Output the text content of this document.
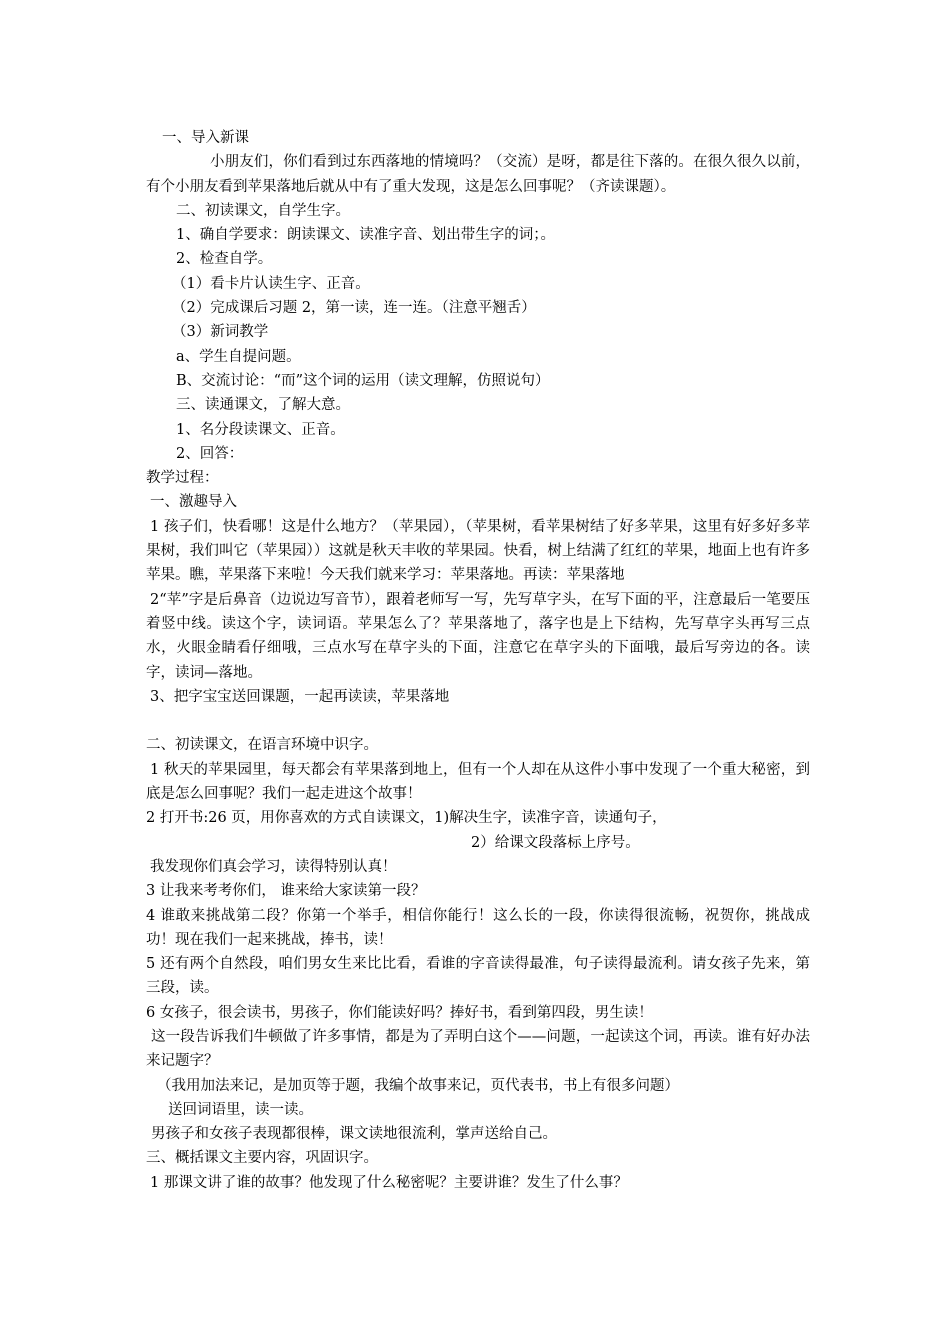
一、导入新课
小朋友们，你们看到过东西落地的情境吗？（交流）是呀，都是往下落的。在很久很久以前，有个小朋友看到苹果落地后就从中有了重大发现，这是怎么回事呢？（齐读课题）。
二、初读课文，自学生字。
1、确自学要求：朗读课文、读准字音、划出带生字的词；。
2、检查自学。
（1）看卡片认读生字、正音。
（2）完成课后习题 2，第一读，连一连。（注意平翘舌）
（3）新词教学
a、学生自提问题。
B、交流讨论：“而”这个词的运用（读文理解，仿照说句）
三、读通课文，了解大意。
1、名分段读课文、正音。
2、回答：
教学过程：
一、激趣导入
1 孩子们，快看哪！这是什么地方？（苹果园），（苹果树，看苹果树结了好多苹果，这里有好多好多苹果树，我们叫它（苹果园））这就是秋天丰收的苹果园。快看，树上结满了红红的苹果，地面上也有许多苹果。瞧，苹果落下来啦！今天我们就来学习：苹果落地。再读：苹果落地
2“苹”字是后鼻音（边说边写音节），跟着老师写一写，先写草字头，在写下面的平，注意最后一笔要压着竖中线。读这个字，读词语。苹果怎么了？苹果落地了，落字也是上下结构，先写草字头再写三点水，火眼金睛看仔细哦，三点水写在草字头的下面，注意它在草字头的下面哦，最后写旁边的各。读字，读词—落地。
3、把字宝宝送回课题，一起再读读，苹果落地
二、初读课文，在语言环境中识字。
1 秋天的苹果园里，每天都会有苹果落到地上，但有一个人却在从这件小事中发现了一个重大秘密，到底是怎么回事呢？我们一起走进这个故事！
2 打开书:26 页，用你喜欢的方式自读课文，1)解决生字，读准字音，读通句子，
2）给课文段落标上序号。
我发现你们真会学习，读得特别认真！
3 让我来考考你们， 谁来给大家读第一段？
4 谁敢来挑战第二段？你第一个举手，相信你能行！这么长的一段，你读得很流畅，祝贺你，挑战成功！现在我们一起来挑战，捧书，读！
5 还有两个自然段，咱们男女生来比比看，看谁的字音读得最准，句子读得最流利。请女孩子先来，第三段，读。
6 女孩子，很会读书，男孩子，你们能读好吗？捧好书，看到第四段，男生读！
这一段告诉我们牛顿做了许多事情，都是为了弄明白这个——问题，一起读这个词，再读。谁有好办法来记题字？
（我用加法来记，是加页等于题，我编个故事来记，页代表书，书上有很多问题）
送回词语里，读一读。
男孩子和女孩子表现都很棒，课文读地很流利，掌声送给自己。
三、概括课文主要内容，巩固识字。
1 那课文讲了谁的故事？他发现了什么秘密呢？主要讲谁？发生了什么事？
